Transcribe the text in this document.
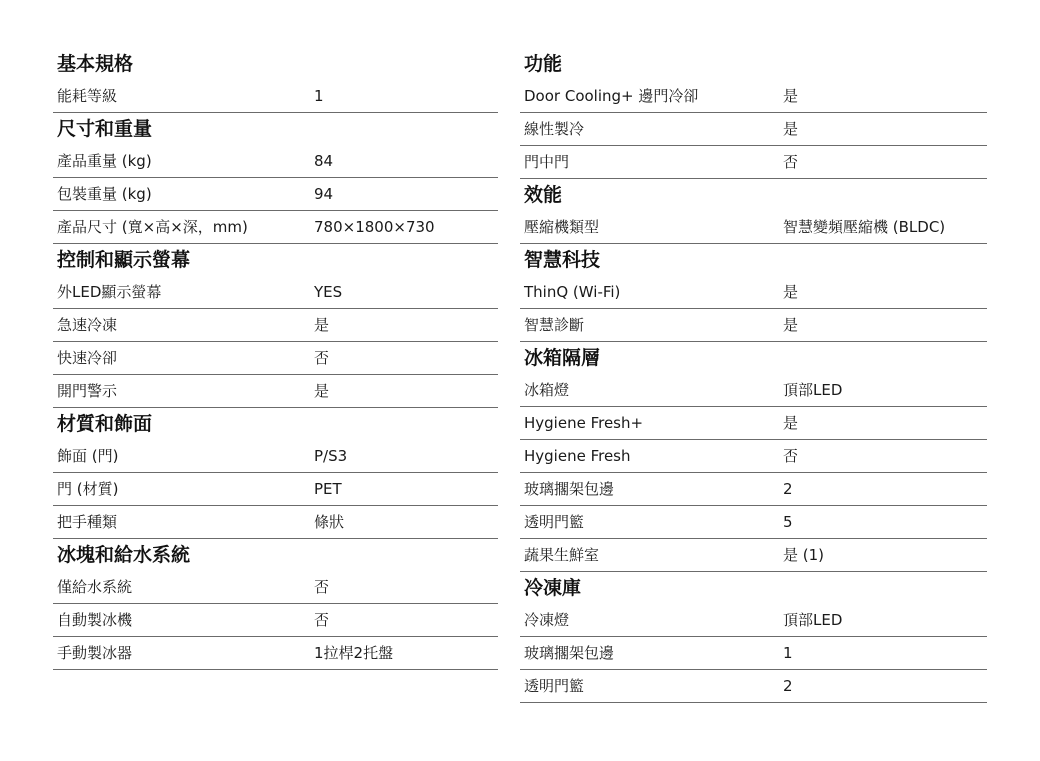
基本規格
能耗等級	1
尺寸和重量
產品重量 (kg)	84
包裝重量 (kg)	94
產品尺寸 (寬×高×深，mm)	780×1800×730
控制和顯示螢幕
外LED顯示螢幕	YES
急速冷凍	是
快速冷卻	否
開門警示	是
材質和飾面
飾面 (門)	P/S3
門 (材質)	PET
把手種類	條狀
冰塊和給水系統
僅給水系統	否
自動製冰機	否
手動製冰器	1拉桿2托盤
功能
Door Cooling+ 邊門冷卻	是
線性製冷	是
門中門	否
效能
壓縮機類型	智慧變頻壓縮機 (BLDC)
智慧科技
ThinQ (Wi-Fi)	是
智慧診斷	是
冰箱隔層
冰箱燈	頂部LED
Hygiene Fresh+	是
Hygiene Fresh	否
玻璃擱架包邊	2
透明門籃	5
蔬果生鮮室	是 (1)
冷凍庫
冷凍燈	頂部LED
玻璃擱架包邊	1
透明門籃	2
